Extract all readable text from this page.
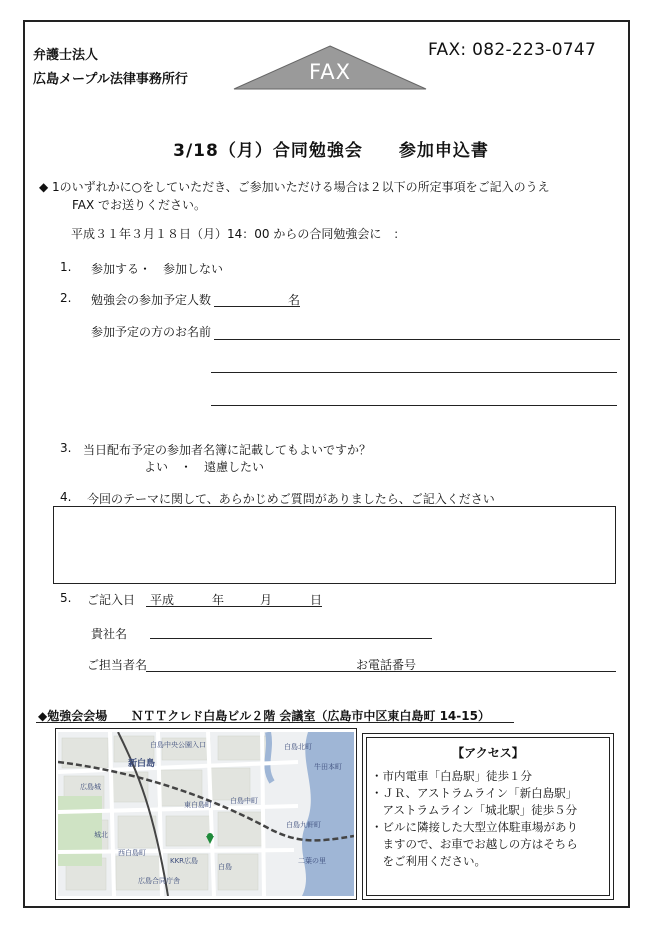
弁護士法人
広島メープル法律事務所行	FAX
FAX: 082-223-0747
3/18（月）合同勉強会　　参加申込書
◆ 1のいずれかに○をしていただき、ご参加いただける場合は２以下の所定事項をご記入のうえ
FAX でお送りください。
平成３１年３月１８日（月）14：00 からの合同勉強会に　：
1. 参加する・　参加しない
2. 勉強会の参加予定人数	名
参加予定の方のお名前
3. 当日配布予定の参加者名簿に記載してもよいですか？
よい　・　遠慮したい
4. 今回のテーマに関して、あらかじめご質問がありましたら、ご記入ください
5. ご記入日 平成	年	月	日
貴社名
ご担当者名	お電話番号
◆勉強会会場　　ＮＴＴクレド白島ビル２階 会議室（広島市中区東白島町 14-15）
白島中央公園入口
広島城
新白島
白島九軒町
東白島町	白島中町
城北
西白島町
KKR広島
白島
広島合同庁舎
牛田本町
二葉の里
白島北町	【アクセス】
・市内電車「白島駅」徒歩１分
・ＪＲ、アストラムライン「新白島駅」
　アストラムライン「城北駅」徒歩５分
・ビルに隣接した大型立体駐車場があり
　ますので、お車でお越しの方はそちら
　をご利用ください。
